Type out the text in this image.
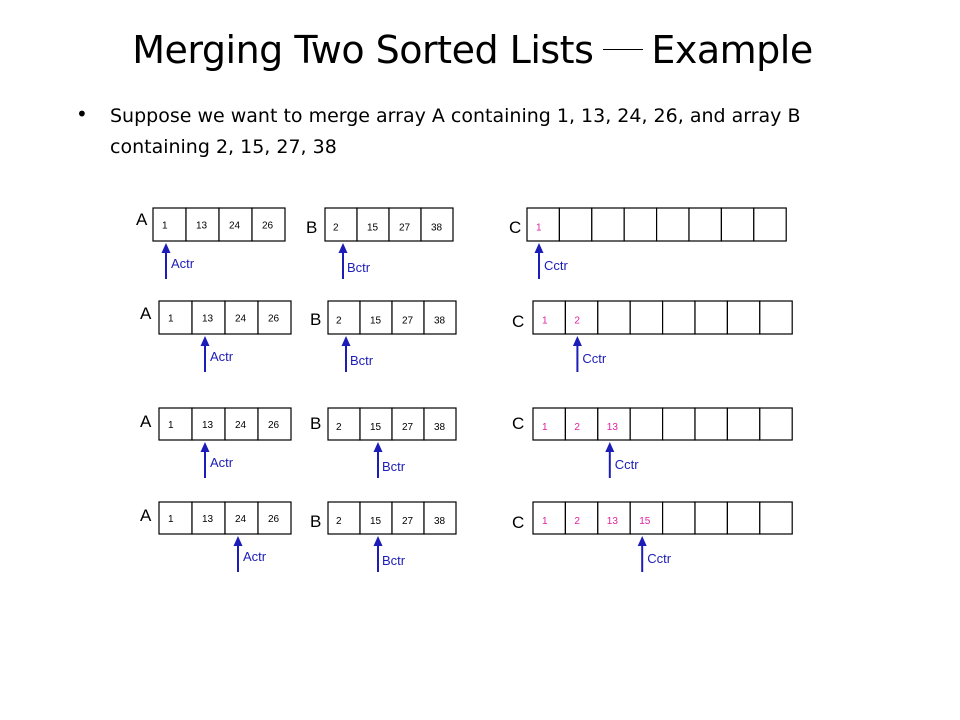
Merging Two Sorted Lists Example
• Suppose we want to merge array A containing 1, 13, 24, 26, and array B containing 2, 15, 27, 38
A	B	C
1	13 24 26	2	15 27 38	1
Actr	Bctr	Cctr
A	B	C
1	13 24 26	2	15 27 38	1	2
Actr	Bctr	Cctr
A	B	C
1	13 24 26	2	15 27 38	1	2	13
Actr	Bctr	Cctr
A	B	C
1	13 24 26	2	15 27 38	1	2	13 15
Actr	Bctr	Cctr
